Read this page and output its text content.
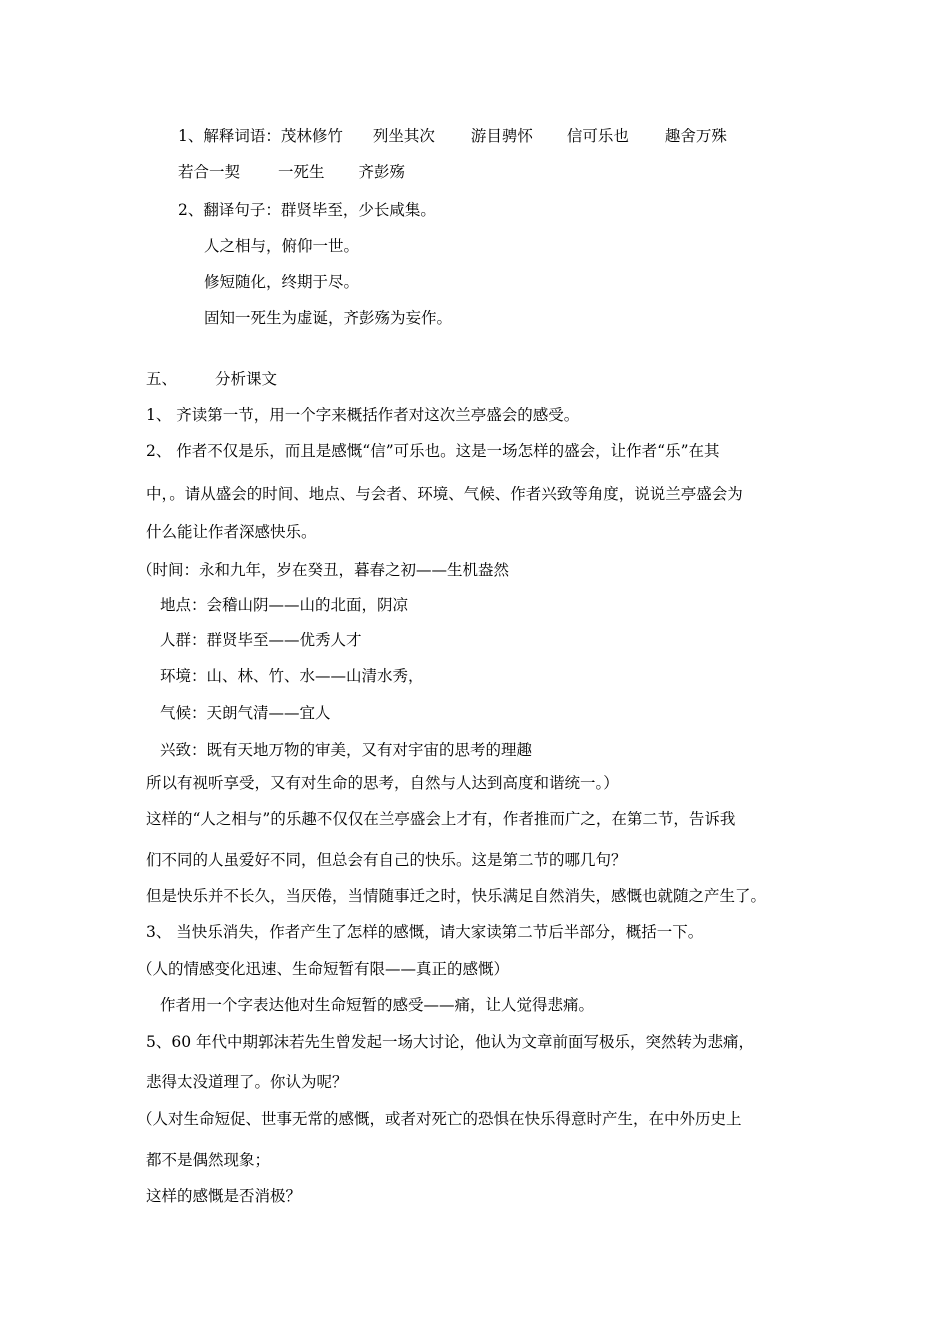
1、解释词语：茂林修竹 列坐其次 游目骋怀 信可乐也 趣舍万殊
若合一契 一死生 齐彭殇
2、翻译句子：群贤毕至，少长咸集。
人之相与，俯仰一世。
修短随化，终期于尽。
固知一死生为虚诞，齐彭殇为妄作。
五、 分析课文
1、 齐读第一节，用一个字来概括作者对这次兰亭盛会的感受。
2、 作者不仅是乐，而且是感慨“信”可乐也。这是一场怎样的盛会，让作者“乐”在其
中，。请从盛会的时间、地点、与会者、环境、气候、作者兴致等角度，说说兰亭盛会为
什么能让作者深感快乐。
（时间：永和九年，岁在癸丑，暮春之初——生机盎然
地点：会稽山阴——山的北面，阴凉
人群：群贤毕至——优秀人才
环境：山、林、竹、水——山清水秀，
气候：天朗气清——宜人
兴致：既有天地万物的审美，又有对宇宙的思考的理趣
所以有视听享受，又有对生命的思考，自然与人达到高度和谐统一。）
这样的“人之相与”的乐趣不仅仅在兰亭盛会上才有，作者推而广之，在第二节，告诉我
们不同的人虽爱好不同，但总会有自己的快乐。这是第二节的哪几句？
但是快乐并不长久，当厌倦，当情随事迁之时，快乐满足自然消失，感慨也就随之产生了。
3、 当快乐消失，作者产生了怎样的感慨，请大家读第二节后半部分，概括一下。
（人的情感变化迅速、生命短暂有限——真正的感慨）
作者用一个字表达他对生命短暂的感受——痛，让人觉得悲痛。
5、60 年代中期郭沫若先生曾发起一场大讨论，他认为文章前面写极乐，突然转为悲痛，
悲得太没道理了。你认为呢？
（人对生命短促、世事无常的感慨，或者对死亡的恐惧在快乐得意时产生，在中外历史上
都不是偶然现象；
这样的感慨是否消极？
